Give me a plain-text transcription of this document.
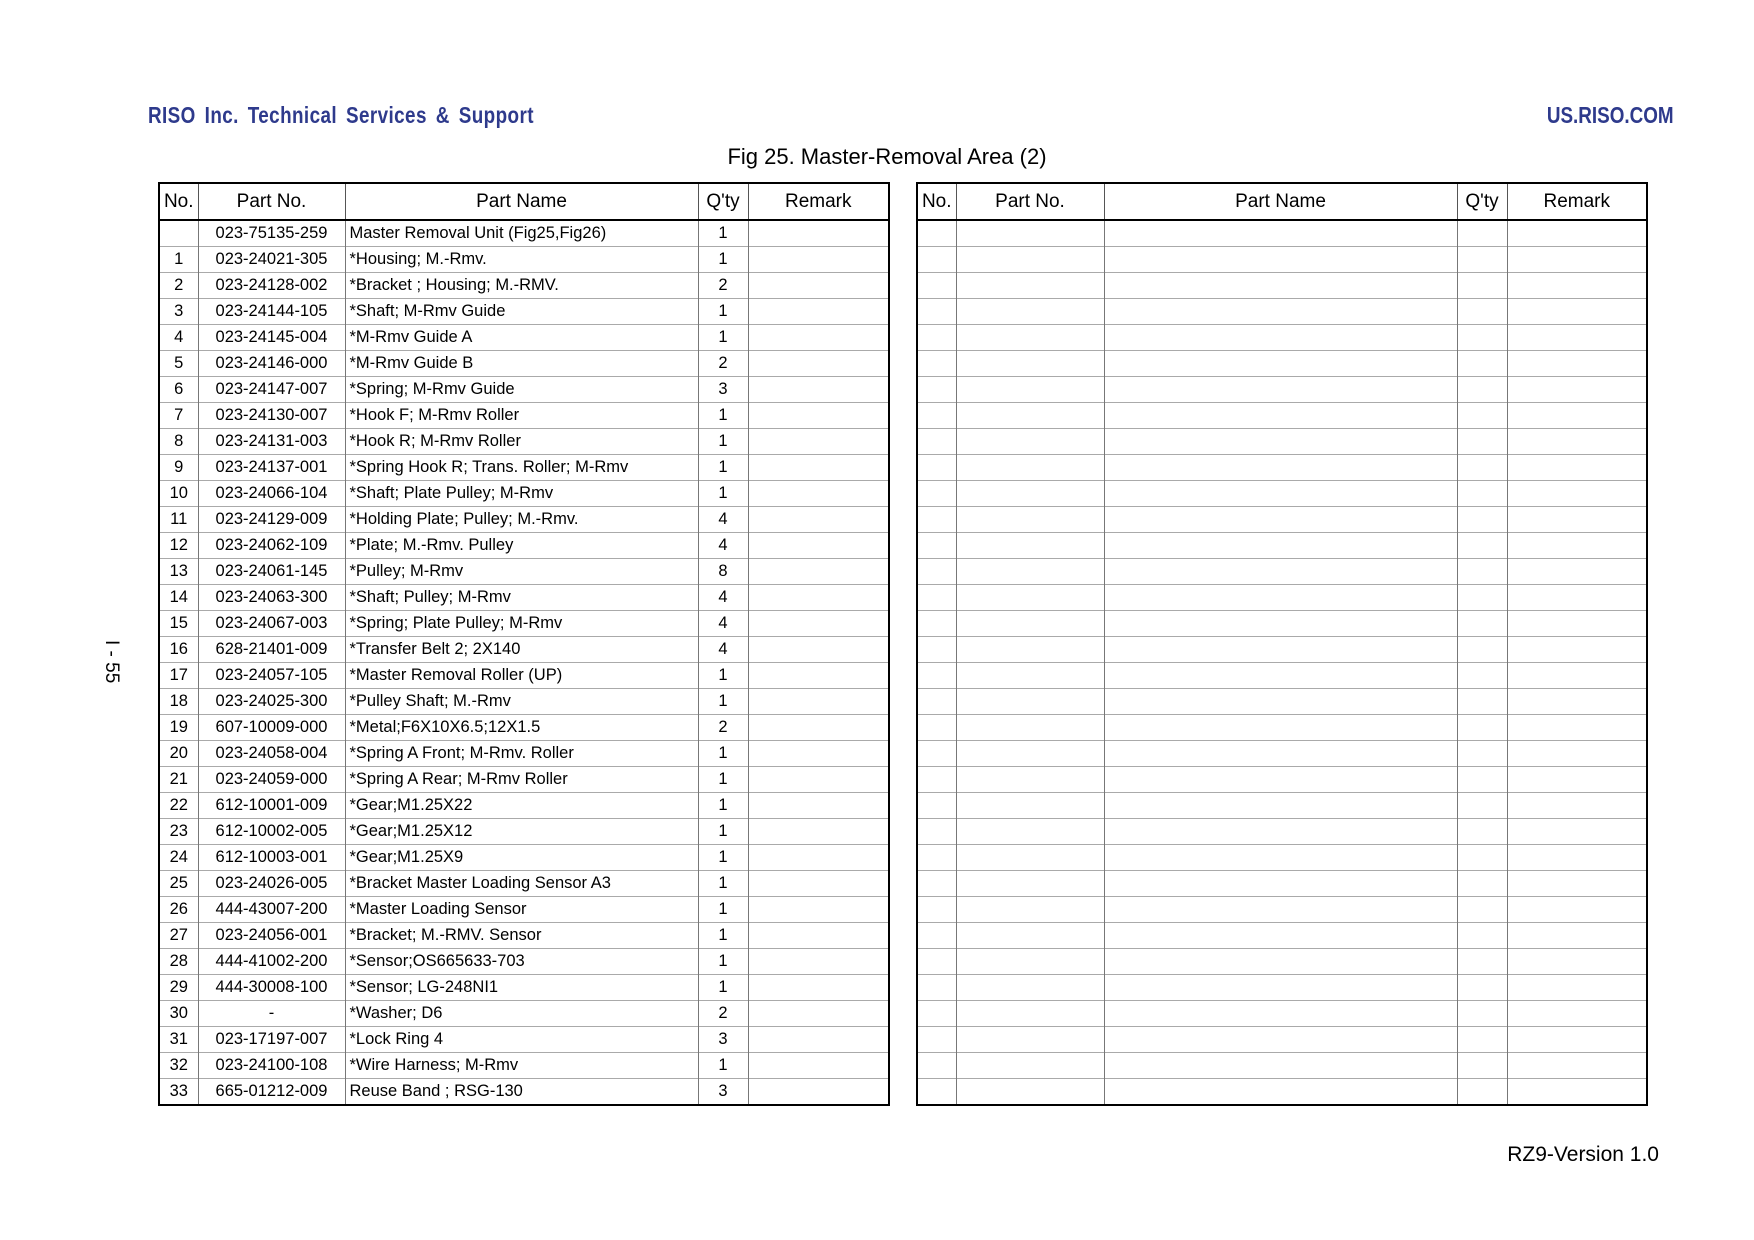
RISO Inc. Technical Services & Support	US.RISO.COM
Fig 25. Master-Removal Area (2)
I - 55
No.	Part No.	Part Name	Q'ty	Remark
	023-75135-259	Master Removal Unit (Fig25,Fig26)	1	
1	023-24021-305	*Housing; M.-Rmv.	1	
2	023-24128-002	*Bracket ; Housing; M.-RMV.	2	
3	023-24144-105	*Shaft; M-Rmv Guide	1	
4	023-24145-004	*M-Rmv Guide A	1	
5	023-24146-000	*M-Rmv Guide B	2	
6	023-24147-007	*Spring; M-Rmv Guide	3	
7	023-24130-007	*Hook F; M-Rmv Roller	1	
8	023-24131-003	*Hook R; M-Rmv Roller	1	
9	023-24137-001	*Spring Hook R; Trans. Roller; M-Rmv	1	
10	023-24066-104	*Shaft; Plate Pulley; M-Rmv	1	
11	023-24129-009	*Holding Plate; Pulley; M.-Rmv.	4	
12	023-24062-109	*Plate; M.-Rmv. Pulley	4	
13	023-24061-145	*Pulley; M-Rmv	8	
14	023-24063-300	*Shaft; Pulley; M-Rmv	4	
15	023-24067-003	*Spring; Plate Pulley; M-Rmv	4	
16	628-21401-009	*Transfer Belt 2; 2X140	4	
17	023-24057-105	*Master Removal Roller (UP)	1	
18	023-24025-300	*Pulley Shaft; M.-Rmv	1	
19	607-10009-000	*Metal;F6X10X6.5;12X1.5	2	
20	023-24058-004	*Spring A Front; M-Rmv. Roller	1	
21	023-24059-000	*Spring A Rear; M-Rmv Roller	1	
22	612-10001-009	*Gear;M1.25X22	1	
23	612-10002-005	*Gear;M1.25X12	1	
24	612-10003-001	*Gear;M1.25X9	1	
25	023-24026-005	*Bracket Master Loading Sensor A3	1	
26	444-43007-200	*Master Loading Sensor	1	
27	023-24056-001	*Bracket; M.-RMV. Sensor	1	
28	444-41002-200	*Sensor;OS665633-703	1	
29	444-30008-100	*Sensor; LG-248NI1	1	
30	-	*Washer; D6	2	
31	023-17197-007	*Lock Ring 4	3	
32	023-24100-108	*Wire Harness; M-Rmv	1	
33	665-01212-009	Reuse Band ; RSG-130	3	
No.	Part No.	Part Name	Q'ty	Remark

RZ9-Version 1.0
